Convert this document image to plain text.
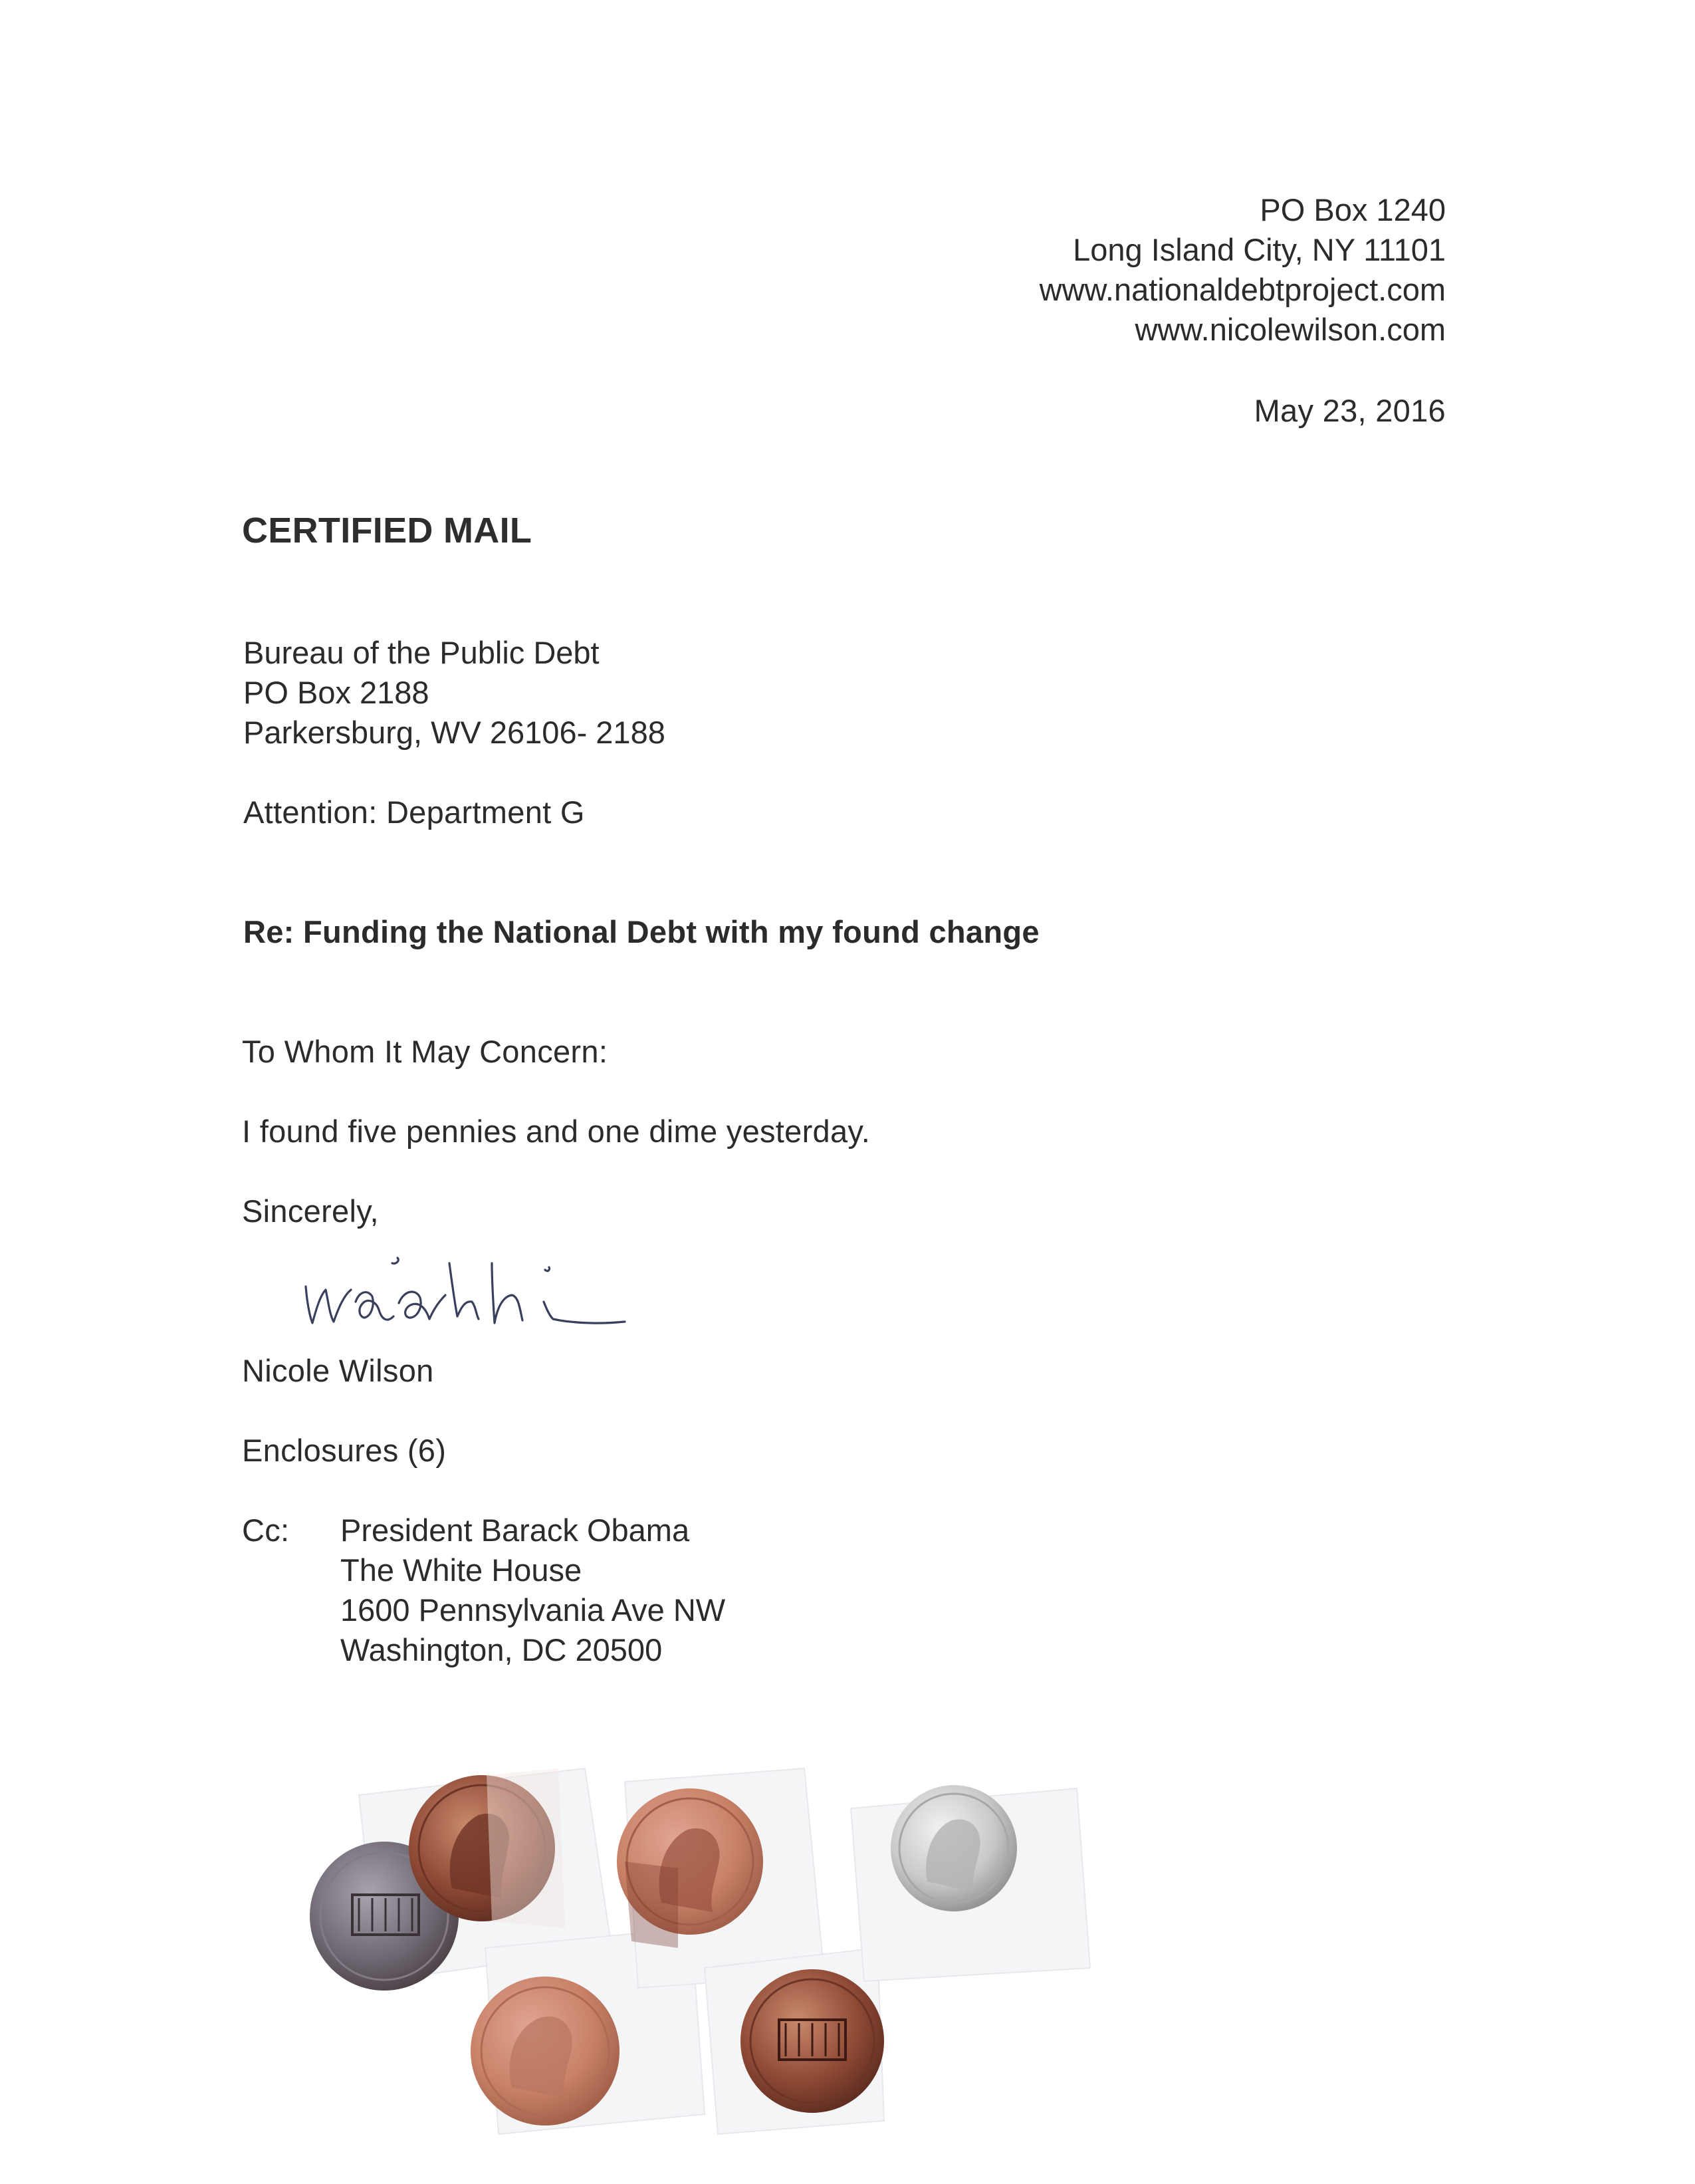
PO Box 1240
Long Island City, NY 11101
www.nationaldebtproject.com
www.nicolewilson.com
May 23, 2016
CERTIFIED MAIL
Bureau of the Public Debt
PO Box 2188
Parkersburg, WV 26106- 2188
Attention: Department G
Re: Funding the National Debt with my found change
To Whom It May Concern:
I found five pennies and one dime yesterday.
Sincerely,
Nicole Wilson
Enclosures (6)
Cc: President Barack Obama
The White House
1600 Pennsylvania Ave NW
Washington, DC 20500
